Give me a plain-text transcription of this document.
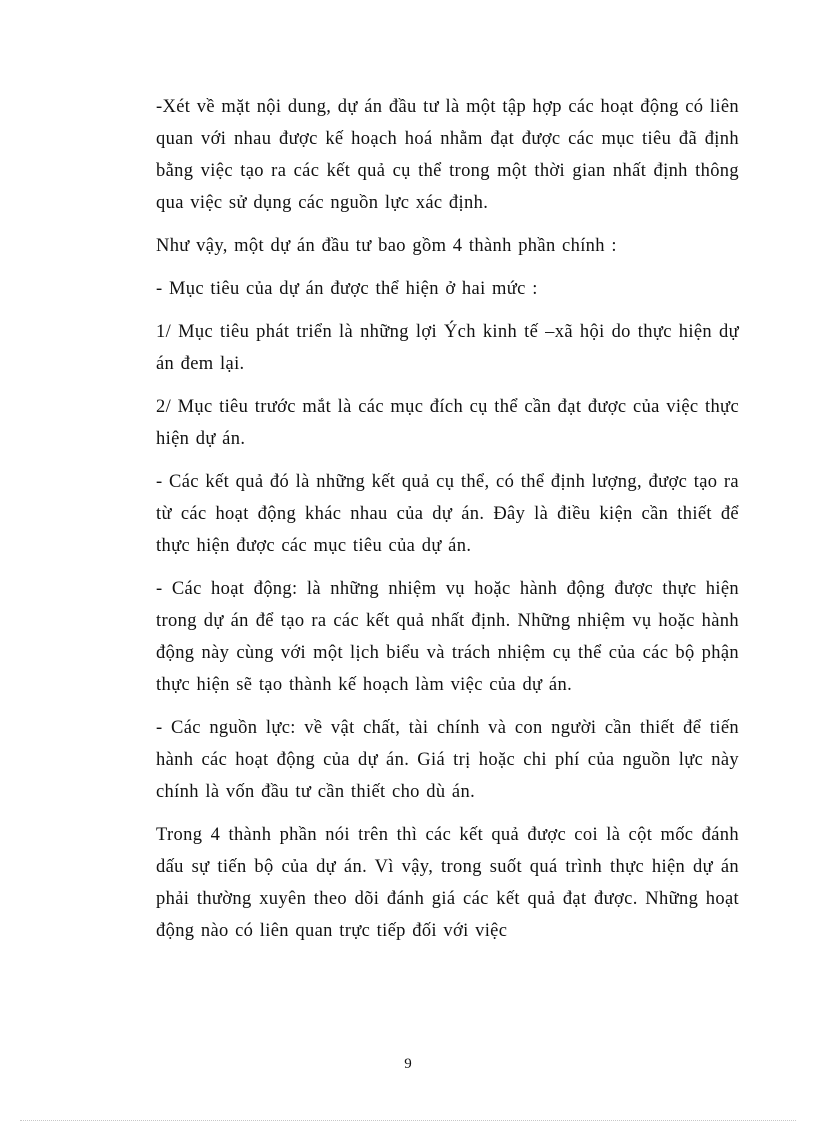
-Xét về mặt nội dung, dự án đầu tư là một tập hợp các hoạt động có liên quan với nhau được kế hoạch hoá nhằm đạt được các mục tiêu đã định bằng việc tạo ra các kết quả cụ thể trong một thời gian nhất định thông qua việc sử dụng các nguồn lực xác định.

Như vậy, một dự án đầu tư bao gồm 4 thành phần chính :

- Mục tiêu của dự án được thể hiện ở hai mức :

1/ Mục tiêu phát triển là những lợi Ých kinh tế –xã hội do thực hiện dự án đem lại.

2/ Mục tiêu trước mắt là các mục đích cụ thể cần đạt được của việc thực hiện dự án.

- Các kết quả đó là những kết quả cụ thể, có thể định lượng, được tạo ra từ các hoạt động khác nhau của dự án. Đây là điều kiện cần thiết để thực hiện được các mục tiêu của dự án.

- Các hoạt động: là những nhiệm vụ hoặc hành động được thực hiện trong dự án để tạo ra các kết quả nhất định. Những nhiệm vụ hoặc hành động này cùng với một lịch biểu và trách nhiệm cụ thể của các bộ phận thực hiện sẽ tạo thành kế hoạch làm việc của dự án.

- Các nguồn lực: về vật chất, tài chính và con người cần thiết để tiến hành các hoạt động của dự án. Giá trị hoặc chi phí của nguồn lực này chính là vốn đầu tư cần thiết cho dù án.

Trong 4 thành phần nói trên thì các kết quả được coi là cột mốc đánh dấu sự tiến bộ của dự án. Vì vậy, trong suốt quá trình thực hiện dự án phải thường xuyên theo dõi đánh giá các kết quả đạt được. Những hoạt động nào có liên quan trực tiếp đối với việc

9
